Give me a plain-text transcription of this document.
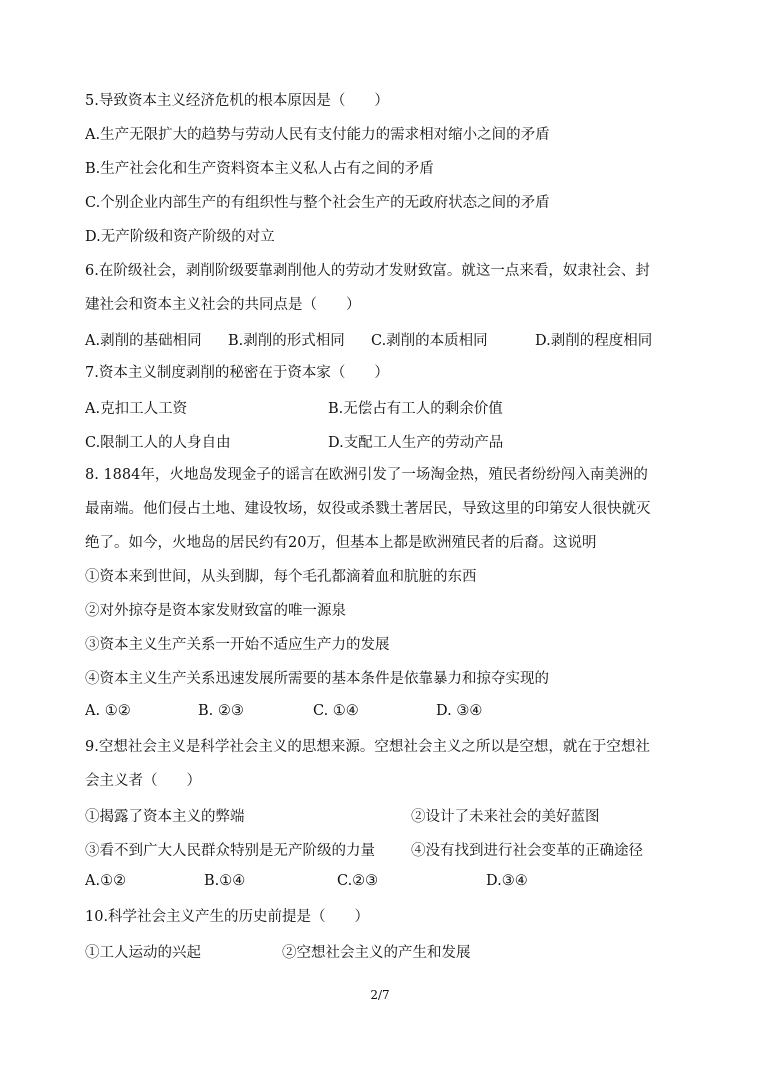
5.导致资本主义经济危机的根本原因是（　　）
A.生产无限扩大的趋势与劳动人民有支付能力的需求相对缩小之间的矛盾
B.生产社会化和生产资料资本主义私人占有之间的矛盾
C.个别企业内部生产的有组织性与整个社会生产的无政府状态之间的矛盾
D.无产阶级和资产阶级的对立
6.在阶级社会，剥削阶级要靠剥削他人的劳动才发财致富。就这一点来看，奴隶社会、封
建社会和资本主义社会的共同点是（　　）
A.剥削的基础相同 B.剥削的形式相同 C.剥削的本质相同	D.剥削的程度相同
7.资本主义制度剥削的秘密在于资本家（　　）
A.克扣工人工资	B.无偿占有工人的剩余价值
C.限制工人的人身自由	D.支配工人生产的劳动产品
8. 1884年，火地岛发现金子的谣言在欧洲引发了一场淘金热，殖民者纷纷闯入南美洲的
最南端。他们侵占土地、建设牧场，奴役或杀戮土著居民，导致这里的印第安人很快就灭
绝了。如今，火地岛的居民约有20万，但基本上都是欧洲殖民者的后裔。这说明
①资本来到世间，从头到脚，每个毛孔都滴着血和肮脏的东西
②对外掠夺是资本家发财致富的唯一源泉
③资本主义生产关系一开始不适应生产力的发展
④资本主义生产关系迅速发展所需要的基本条件是依靠暴力和掠夺实现的
A. ①②	B. ②③	C. ①④	D. ③④
9.空想社会主义是科学社会主义的思想来源。空想社会主义之所以是空想，就在于空想社
会主义者（　　）
①揭露了资本主义的弊端	②设计了未来社会的美好蓝图
③看不到广大人民群众特别是无产阶级的力量 ④没有找到进行社会变革的正确途径
A.①②	B.①④	C.②③	D.③④
10.科学社会主义产生的历史前提是（　　）
①工人运动的兴起	②空想社会主义的产生和发展
2/7
